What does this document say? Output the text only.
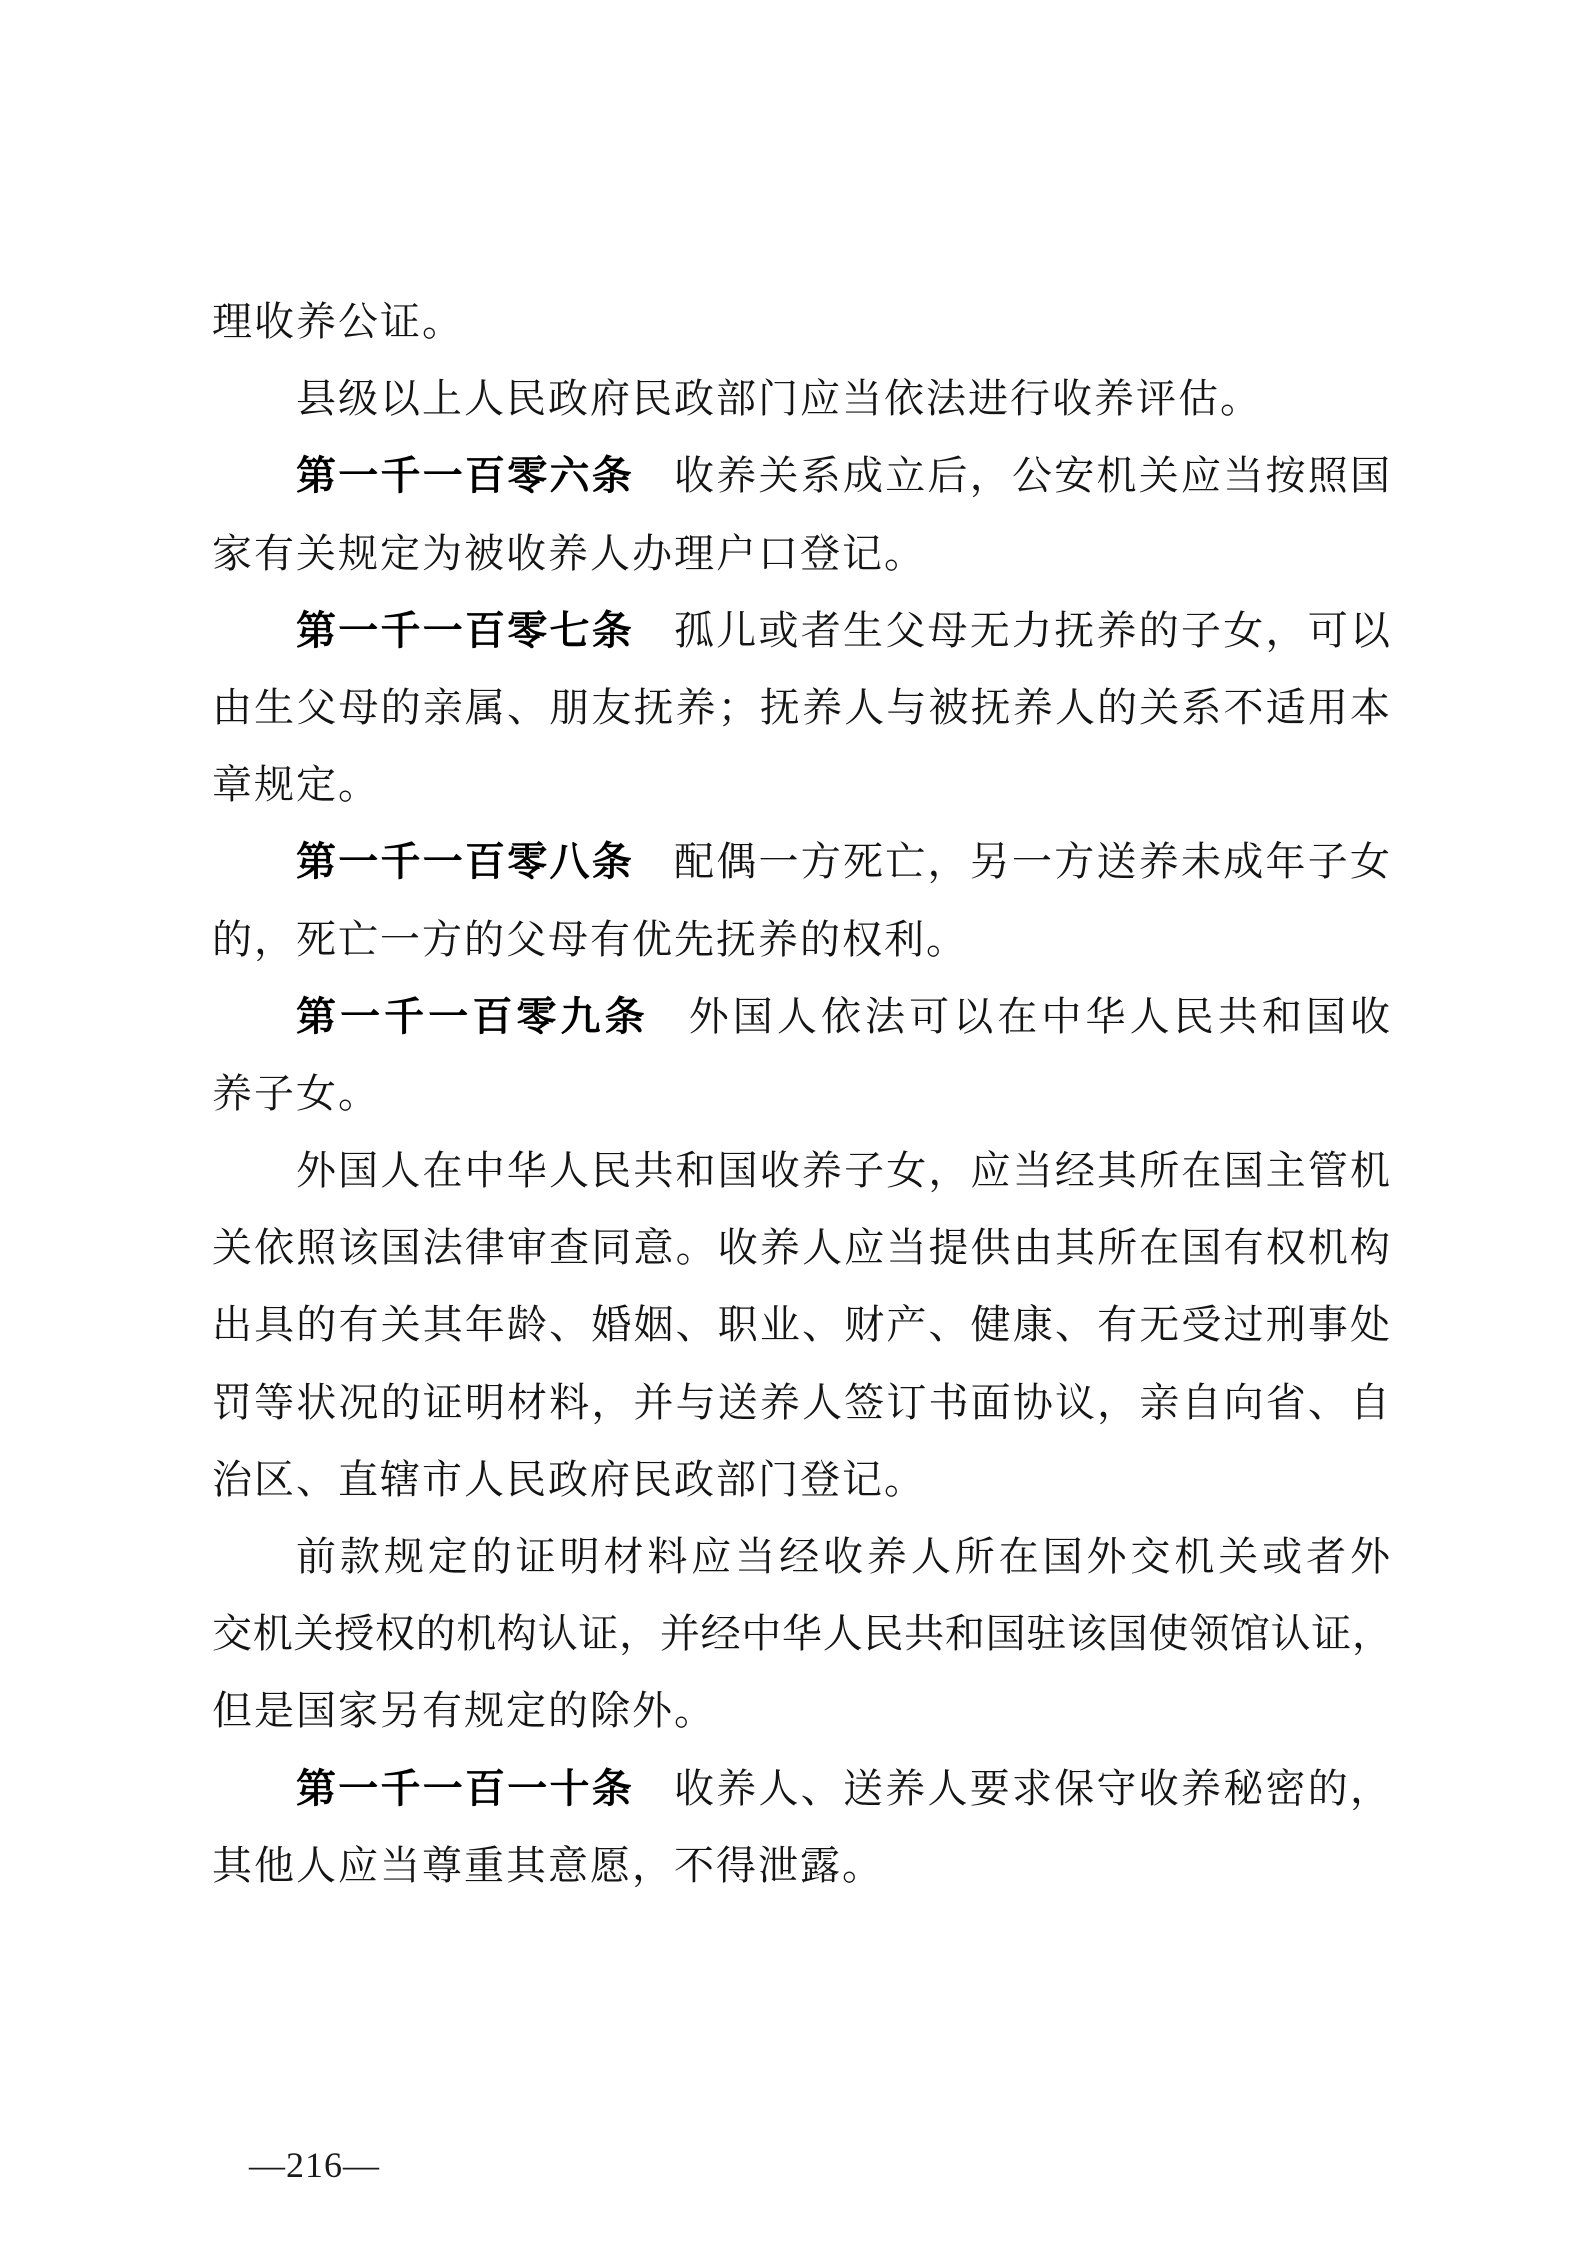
理收养公证。
县级以上人民政府民政部门应当依法进行收养评估。
第一千一百零六条 收养关系成立后，公安机关应当按照国
家有关规定为被收养人办理户口登记。
第一千一百零七条 孤儿或者生父母无力抚养的子女，可以
由生父母的亲属、朋友抚养；抚养人与被抚养人的关系不适用本
章规定。
第一千一百零八条 配偶一方死亡，另一方送养未成年子女
的，死亡一方的父母有优先抚养的权利。
第一千一百零九条 外国人依法可以在中华人民共和国收
养子女。
外国人在中华人民共和国收养子女，应当经其所在国主管机
关依照该国法律审查同意。收养人应当提供由其所在国有权机构
出具的有关其年龄、婚姻、职业、财产、健康、有无受过刑事处
罚等状况的证明材料，并与送养人签订书面协议，亲自向省、自
治区、直辖市人民政府民政部门登记。
前款规定的证明材料应当经收养人所在国外交机关或者外
交机关授权的机构认证，并经中华人民共和国驻该国使领馆认证，
但是国家另有规定的除外。
第一千一百一十条 收养人、送养人要求保守收养秘密的，
其他人应当尊重其意愿，不得泄露。
—216—
